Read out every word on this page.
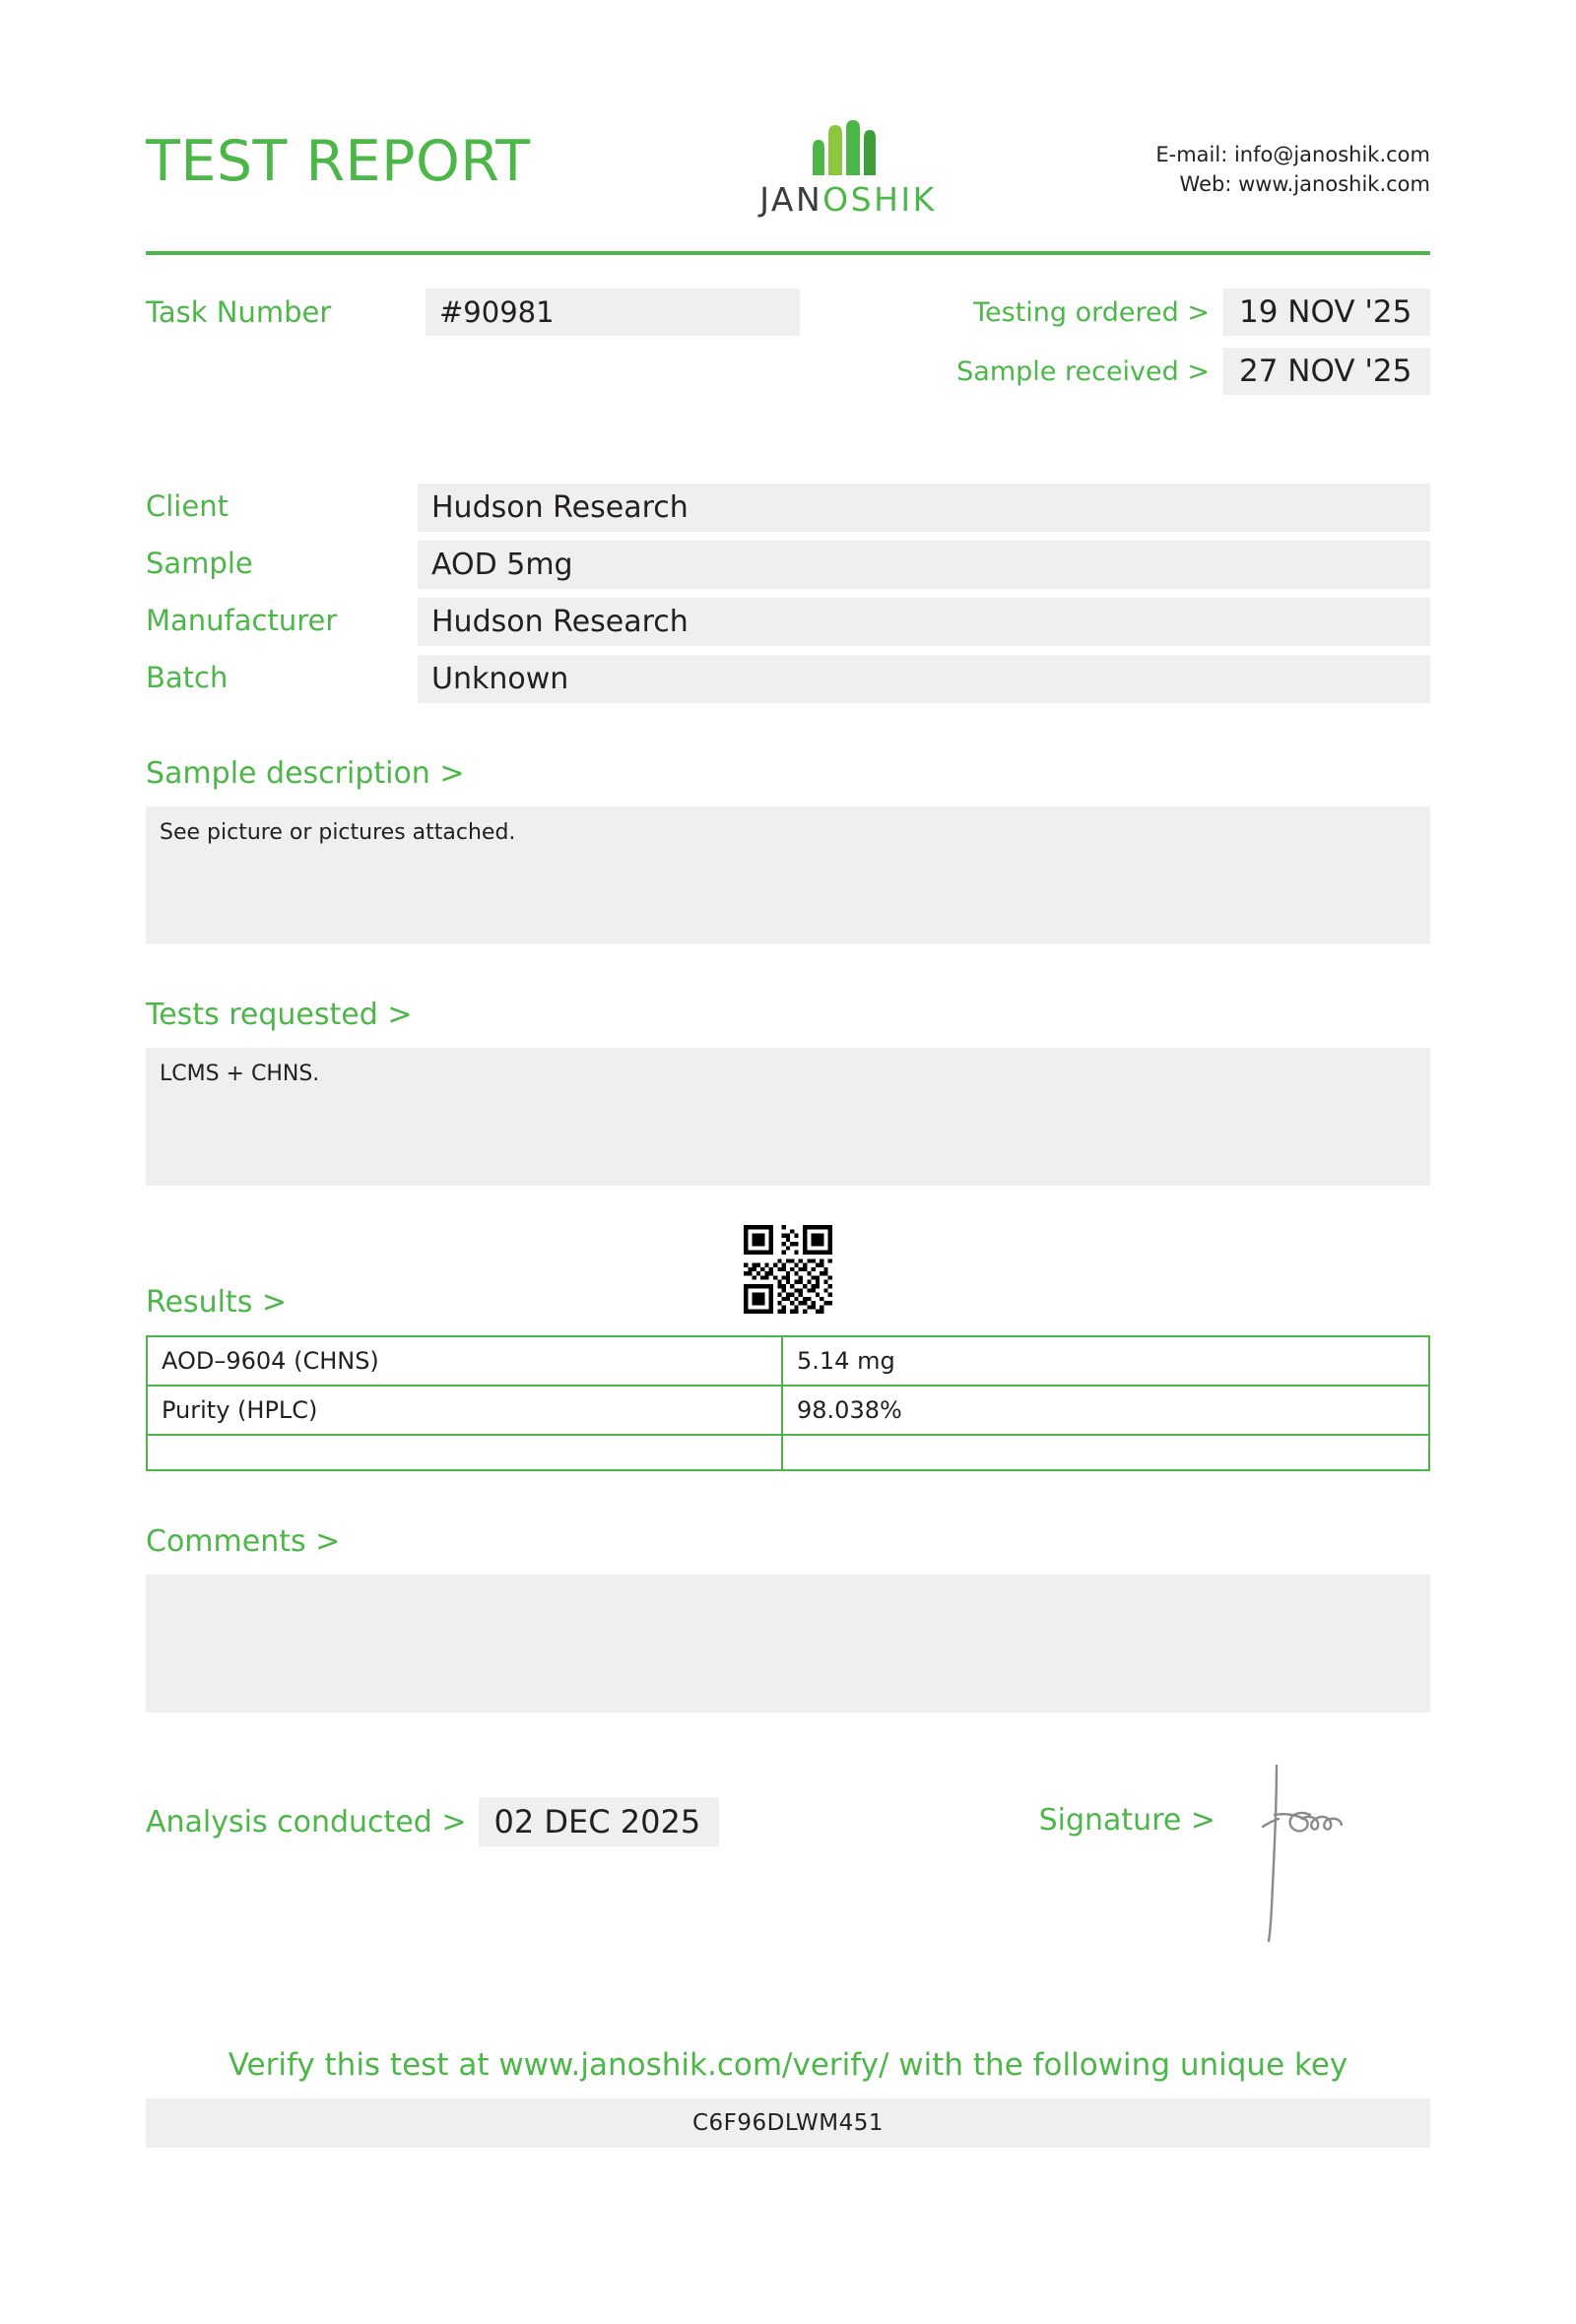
TEST REPORT
JANOSHIK
E-mail: info@janoshik.com
Web: www.janoshik.com
Task Number	#90981	Testing ordered > 19 NOV '25
Sample received > 27 NOV '25
Client	Hudson Research
Sample	AOD 5mg
Manufacturer	Hudson Research
Batch	Unknown
Sample description >
See picture or pictures attached.
Tests requested >
LCMS + CHNS.
Results >
AOD–9604 (CHNS)	5.14 mg
Purity (HPLC)	98.038%

Comments >
Analysis conducted > 02 DEC 2025	Signature >
Verify this test at www.janoshik.com/verify/ with the following unique key
C6F96DLWM451
